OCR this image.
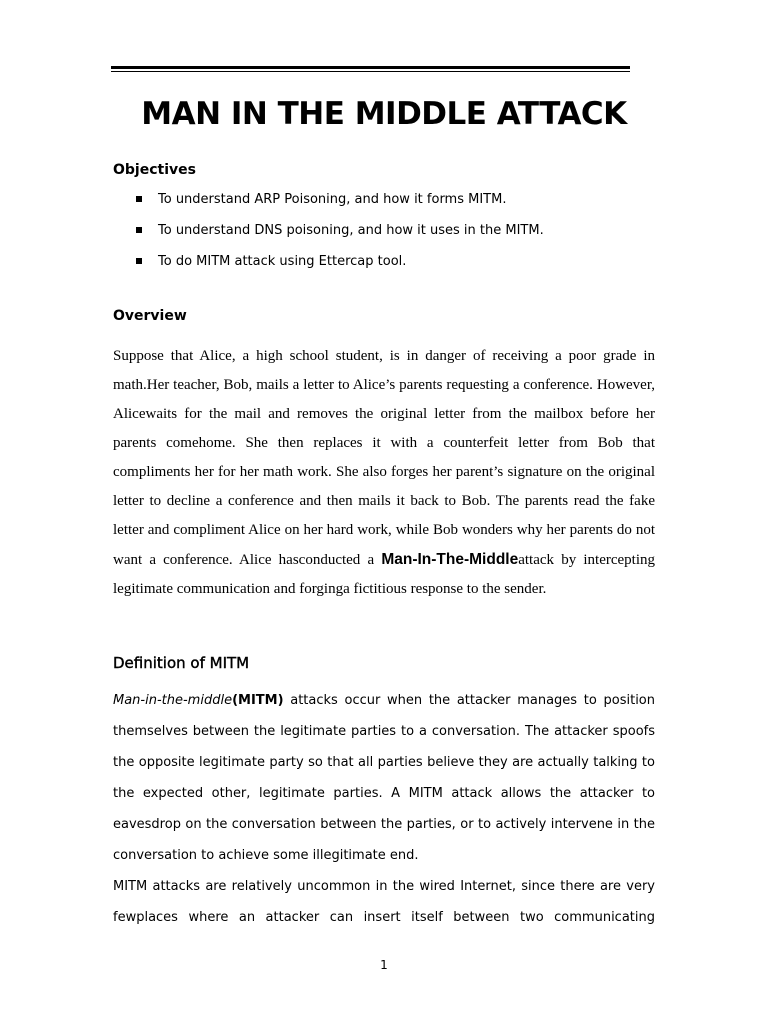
MAN IN THE MIDDLE ATTACK
Objectives
To understand ARP Poisoning, and how it forms MITM.
To understand DNS poisoning, and how it uses in the MITM.
To do MITM attack using Ettercap tool.
Overview
Suppose that Alice, a high school student, is in danger of receiving a poor grade in math.Her teacher, Bob, mails a letter to Alice’s parents requesting a conference. However, Alicewaits for the mail and removes the original letter from the mailbox before her parents comehome. She then replaces it with a counterfeit letter from Bob that compliments her for her math work. She also forges her parent’s signature on the original letter to decline a conference and then mails it back to Bob. The parents read the fake letter and compliment Alice on her hard work, while Bob wonders why her parents do not want a conference. Alice hasconducted a Man-In-The-Middleattack by intercepting legitimate communication and forginga fictitious response to the sender.
Definition of MITM
Man-in-the-middle(MITM) attacks occur when the attacker manages to position themselves between the legitimate parties to a conversation. The attacker spoofs the opposite legitimate party so that all parties believe they are actually talking to the expected other, legitimate parties. A MITM attack allows the attacker to eavesdrop on the conversation between the parties, or to actively intervene in the conversation to achieve some illegitimate end.
MITM attacks are relatively uncommon in the wired Internet, since there are very fewplaces where an attacker can insert itself between two communicating
1
